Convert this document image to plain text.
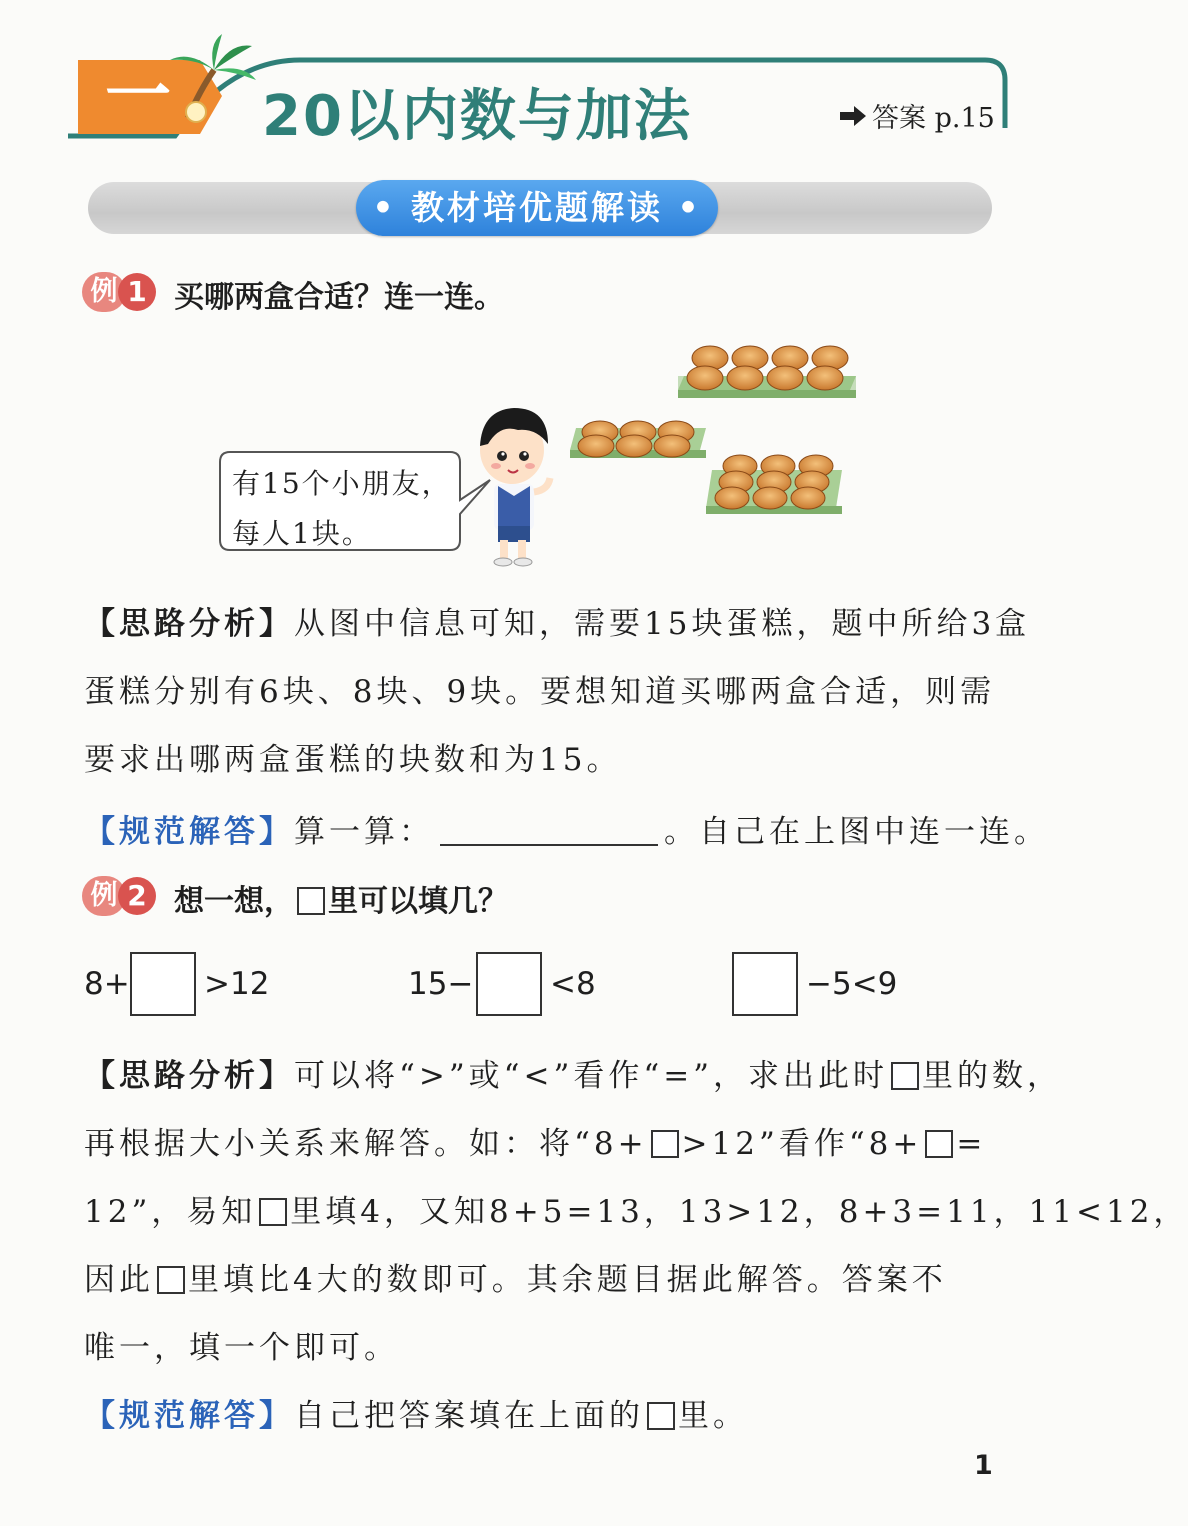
一	20以内数与加法	答案 p.15
• 教材培优题解读 •
例 1 买哪两盒合适？连一连。
有15个小朋友，
每人1块。
【思路分析】从图中信息可知，需要15块蛋糕，题中所给3盒
蛋糕分别有6块、8块、9块。要想知道买哪两盒合适，则需
要求出哪两盒蛋糕的块数和为15。
【规范解答】算一算：	。自己在上图中连一连。
例 2 想一想， 里可以填几？
8+ >12	15− <8	−5<9
【思路分析】可以将“>”或“<”看作“=”，求出此时 里的数，
再根据大小关系来解答。如：将“8+ >12”看作“8+ =
12”，易知 里填4，又知8+5=13，13>12，8+3=11，11<12，
因此 里填比4大的数即可。其余题目据此解答。答案不
唯一，填一个即可。
【规范解答】自己把答案填在上面的 里。
1
